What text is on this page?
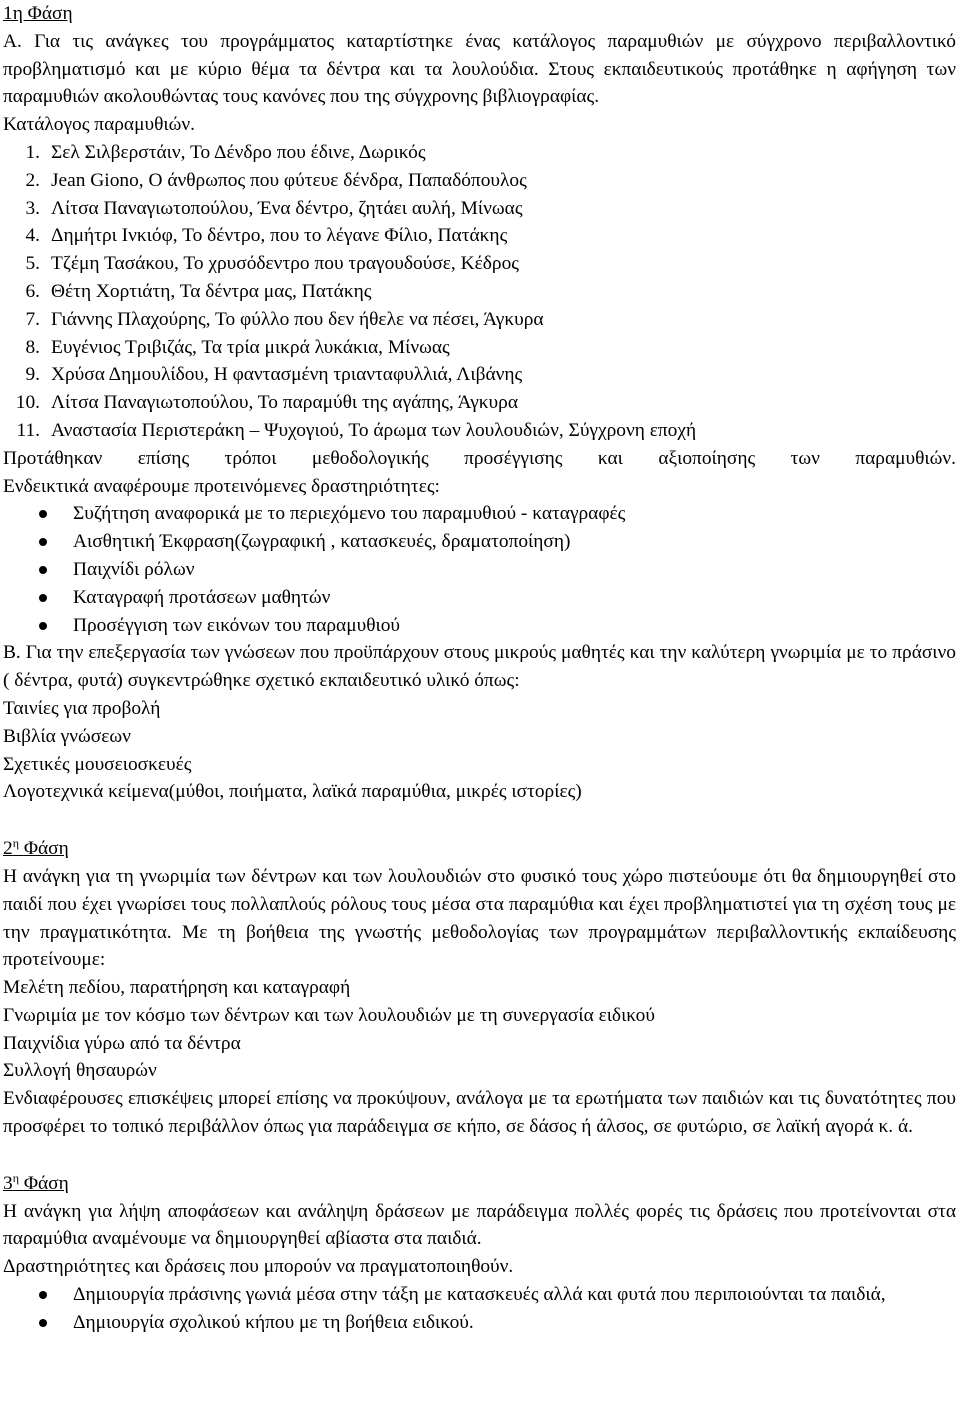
1η Φάση

Α. Για τις ανάγκες του προγράμματος καταρτίστηκε ένας κατάλογος παραμυθιών με σύγχρονο περιβαλλοντικό προβληματισμό και με κύριο θέμα τα δέντρα και τα λουλούδια. Στους εκπαιδευτικούς προτάθηκε η αφήγηση των παραμυθιών ακολουθώντας τους κανόνες που της σύγχρονης βιβλιογραφίας.

Κατάλογος παραμυθιών.

1. Σελ Σιλβερστάιν, Το Δένδρο που έδινε, Δωρικός
2. Jean Giono, Ο άνθρωπος που φύτευε δένδρα, Παπαδόπουλος
3. Λίτσα Παναγιωτοπούλου, Ένα δέντρο, ζητάει αυλή, Μίνωας
4. Δημήτρι Ινκιόφ, Το δέντρο, που το λέγανε Φίλιο, Πατάκης
5. Τζέμη Τασάκου, Το χρυσόδεντρο που τραγουδούσε, Κέδρος
6. Θέτη Χορτιάτη, Τα δέντρα μας, Πατάκης
7. Γιάννης Πλαχούρης, Το φύλλο που δεν ήθελε να πέσει, Άγκυρα
8. Ευγένιος Τριβιζάς, Τα τρία μικρά λυκάκια, Μίνωας
9. Χρύσα Δημουλίδου, Η φαντασμένη τριανταφυλλιά, Λιβάνης
10. Λίτσα Παναγιωτοπούλου, Το παραμύθι της αγάπης, Άγκυρα
11. Αναστασία Περιστεράκη – Ψυχογιού, Το άρωμα των λουλουδιών, Σύγχρονη εποχή

Προτάθηκαν επίσης τρόποι μεθοδολογικής προσέγγισης και αξιοποίησης των παραμυθιών.

Ενδεικτικά αναφέρουμε προτεινόμενες δραστηριότητες:

Συζήτηση αναφορικά με το περιεχόμενο του παραμυθιού - καταγραφές
Αισθητική Έκφραση(ζωγραφική , κατασκευές, δραματοποίηση)
Παιχνίδι ρόλων
Καταγραφή προτάσεων μαθητών
Προσέγγιση των εικόνων του παραμυθιού

Β. Για την επεξεργασία των γνώσεων που προϋπάρχουν στους μικρούς μαθητές και την καλύτερη γνωριμία με το πράσινο ( δέντρα, φυτά) συγκεντρώθηκε σχετικό εκπαιδευτικό υλικό όπως:

Ταινίες για προβολή

Βιβλία γνώσεων

Σχετικές μουσειοσκευές

Λογοτεχνικά κείμενα(μύθοι, ποιήματα, λαϊκά παραμύθια, μικρές ιστορίες)

$2^\eta$ Φάση

Η ανάγκη για τη γνωριμία των δέντρων και των λουλουδιών στο φυσικό τους χώρο πιστεύουμε ότι θα δημιουργηθεί στο παιδί που έχει γνωρίσει τους πολλαπλούς ρόλους τους μέσα στα παραμύθια και έχει προβληματιστεί για τη σχέση τους με την πραγματικότητα. Με τη βοήθεια της γνωστής μεθοδολογίας των προγραμμάτων περιβαλλοντικής εκπαίδευσης προτείνουμε:

Μελέτη πεδίου, παρατήρηση και καταγραφή

Γνωριμία με τον κόσμο των δέντρων και των λουλουδιών με τη συνεργασία ειδικού

Παιχνίδια γύρω από τα δέντρα

Συλλογή θησαυρών

Ενδιαφέρουσες επισκέψεις μπορεί επίσης να προκύψουν, ανάλογα με τα ερωτήματα των παιδιών και τις δυνατότητες που προσφέρει το τοπικό περιβάλλον όπως για παράδειγμα σε κήπο, σε δάσος ή άλσος, σε φυτώριο, σε λαϊκή αγορά κ. ά.

$3^\eta$ Φάση

Η ανάγκη για λήψη αποφάσεων και ανάληψη δράσεων με παράδειγμα πολλές φορές τις δράσεις που προτείνονται στα παραμύθια αναμένουμε να δημιουργηθεί αβίαστα στα παιδιά.

Δραστηριότητες και δράσεις που μπορούν να πραγματοποιηθούν.

Δημιουργία πράσινης γωνιά μέσα στην τάξη με κατασκευές αλλά και φυτά που περιποιούνται τα παιδιά,
Δημιουργία σχολικού κήπου με τη βοήθεια ειδικού.
